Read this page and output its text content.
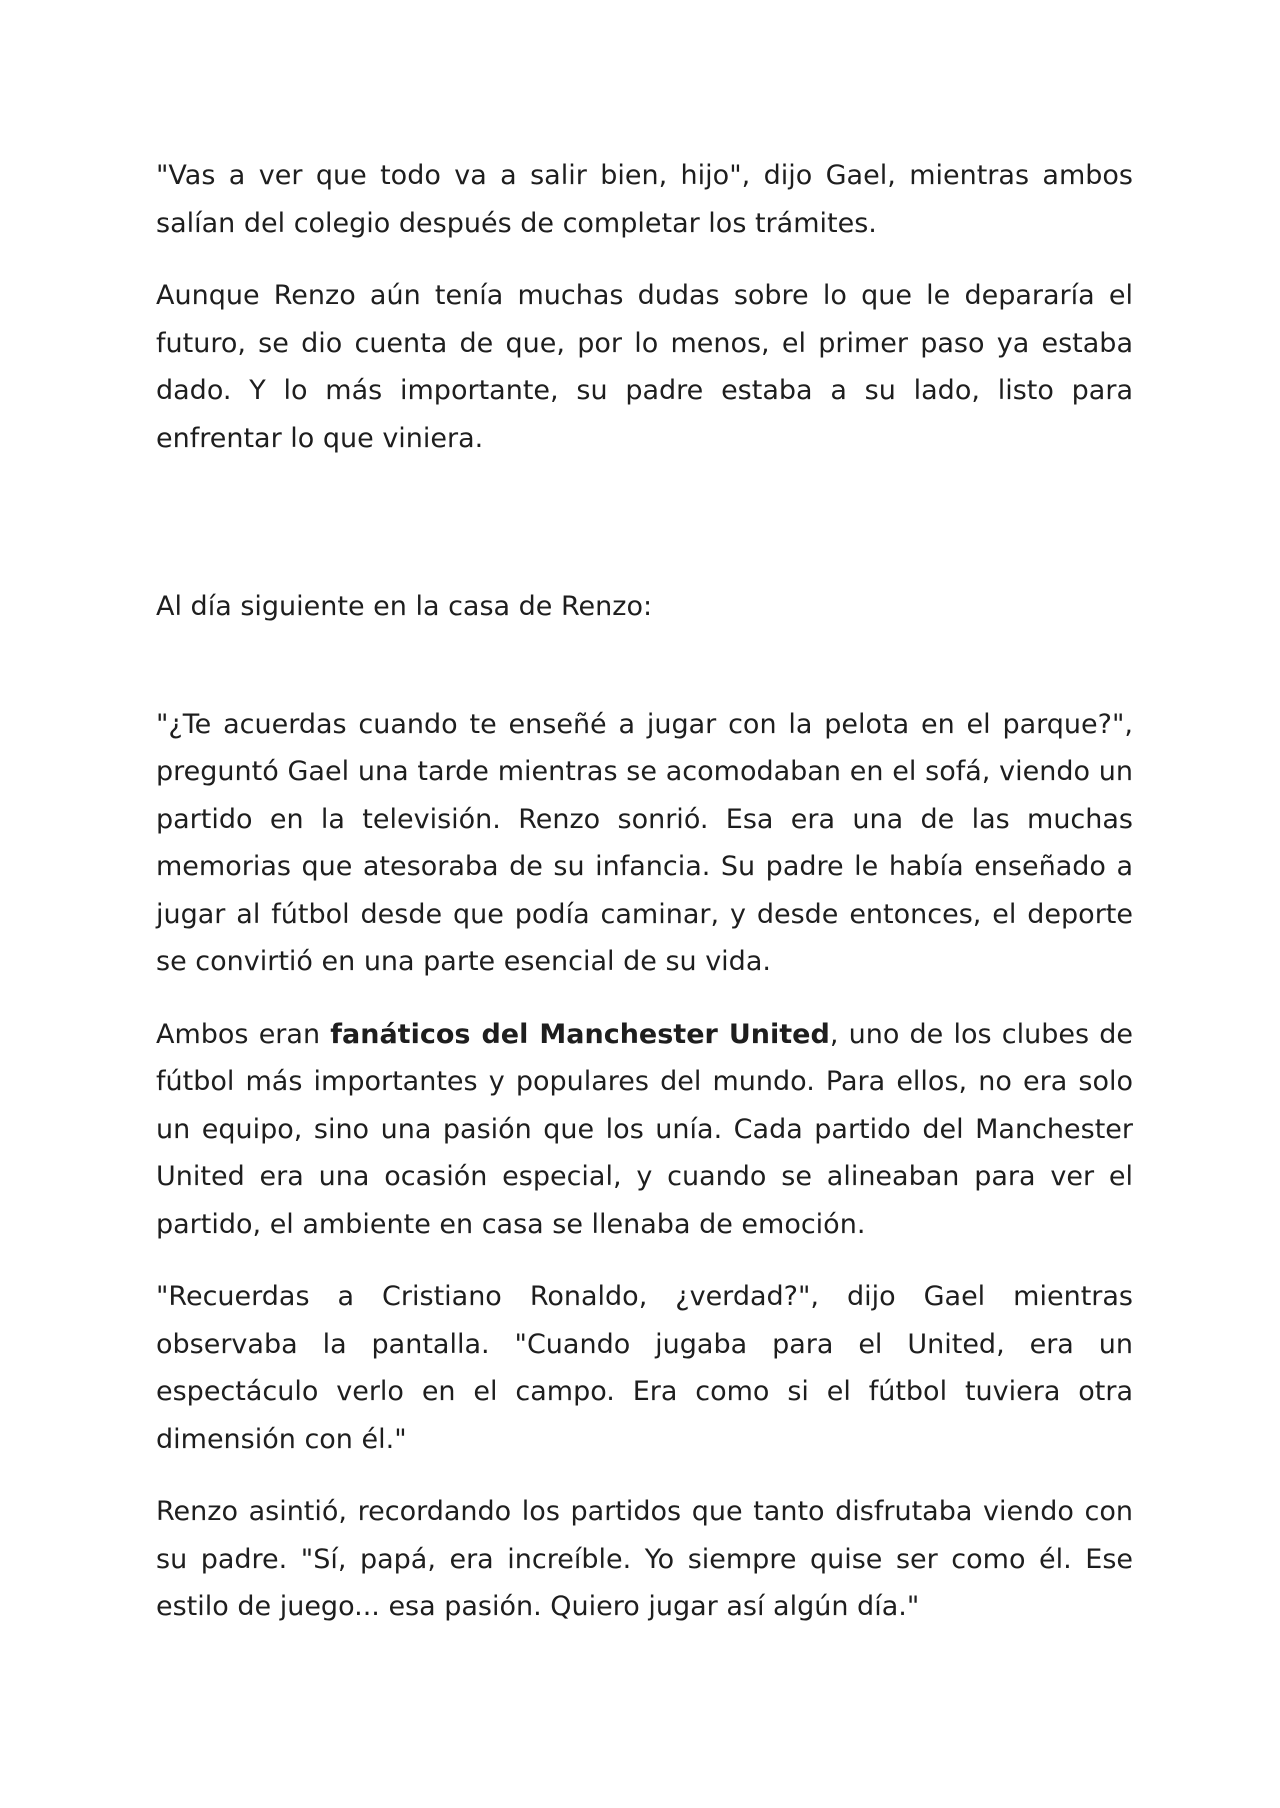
"Vas a ver que todo va a salir bien, hijo", dijo Gael, mientras ambos salían del colegio después de completar los trámites.

Aunque Renzo aún tenía muchas dudas sobre lo que le depararía el futuro, se dio cuenta de que, por lo menos, el primer paso ya estaba dado. Y lo más importante, su padre estaba a su lado, listo para enfrentar lo que viniera.

Al día siguiente en la casa de Renzo:

"¿Te acuerdas cuando te enseñé a jugar con la pelota en el parque?", preguntó Gael una tarde mientras se acomodaban en el sofá, viendo un partido en la televisión. Renzo sonrió. Esa era una de las muchas memorias que atesoraba de su infancia. Su padre le había enseñado a jugar al fútbol desde que podía caminar, y desde entonces, el deporte se convirtió en una parte esencial de su vida.

Ambos eran fanáticos del Manchester United, uno de los clubes de fútbol más importantes y populares del mundo. Para ellos, no era solo un equipo, sino una pasión que los unía. Cada partido del Manchester United era una ocasión especial, y cuando se alineaban para ver el partido, el ambiente en casa se llenaba de emoción.

"Recuerdas a Cristiano Ronaldo, ¿verdad?", dijo Gael mientras observaba la pantalla. "Cuando jugaba para el United, era un espectáculo verlo en el campo. Era como si el fútbol tuviera otra dimensión con él."

Renzo asintió, recordando los partidos que tanto disfrutaba viendo con su padre. "Sí, papá, era increíble. Yo siempre quise ser como él. Ese estilo de juego... esa pasión. Quiero jugar así algún día."
